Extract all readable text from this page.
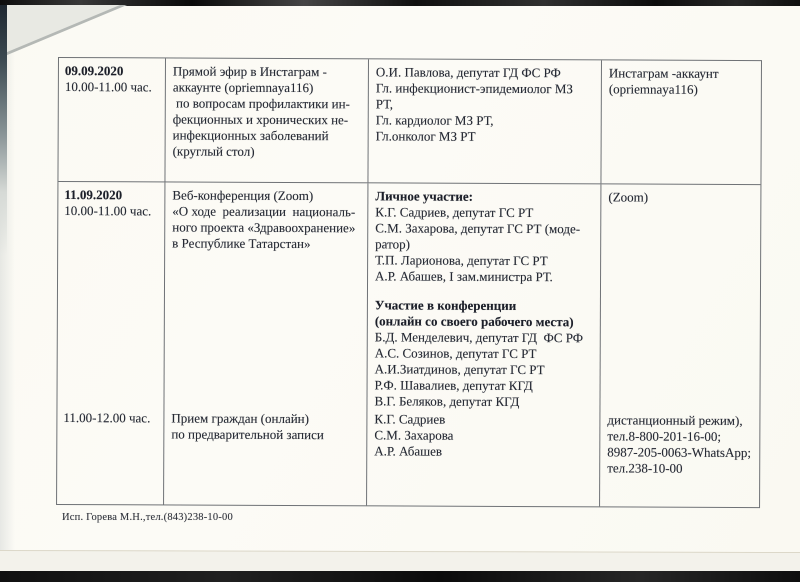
09.09.2020
10.00-11.00 час.
Прямой эфир в Инстаграм -
аккаунте (opriemnaya116)
по вопросам профилактики ин-
фекционных и хронических не-
инфекционных заболеваний
(круглый стол)
О.И. Павлова, депутат ГД ФС РФ
Гл. инфекционист-эпидемиолог МЗ
РТ,
Гл. кардиолог МЗ РТ,
Гл.онколог МЗ РТ
Инстаграм -аккаунт
(opriemnaya116)
11.09.2020
10.00-11.00 час.
11.00-12.00 час.
Веб-конференция (Zoom)
«О ходе  реализации  националь-
ного проекта «Здравоохранение»
в Республике Татарстан»
Прием граждан (онлайн)
по предварительной записи
Личное участие:
К.Г. Садриев, депутат ГС РТ
С.М. Захарова, депутат ГС РТ (моде-
ратор)
Т.П. Ларионова, депутат ГС РТ
А.Р. Абашев, I зам.министра РТ.
Участие в конференции
(онлайн со своего рабочего места)
Б.Д. Менделевич, депутат ГД  ФС РФ
А.С. Созинов, депутат ГС РТ
А.И.Зиатдинов, депутат ГС РТ
Р.Ф. Шавалиев, депутат КГД
В.Г. Беляков, депутат КГД
К.Г. Садриев
С.М. Захарова
А.Р. Абашев
(Zoom)
дистанционный режим),
тел.8-800-201-16-00;
8987-205-0063-WhatsApp;
тел.238-10-00
Исп. Горева М.Н.,тел.(843)238-10-00
